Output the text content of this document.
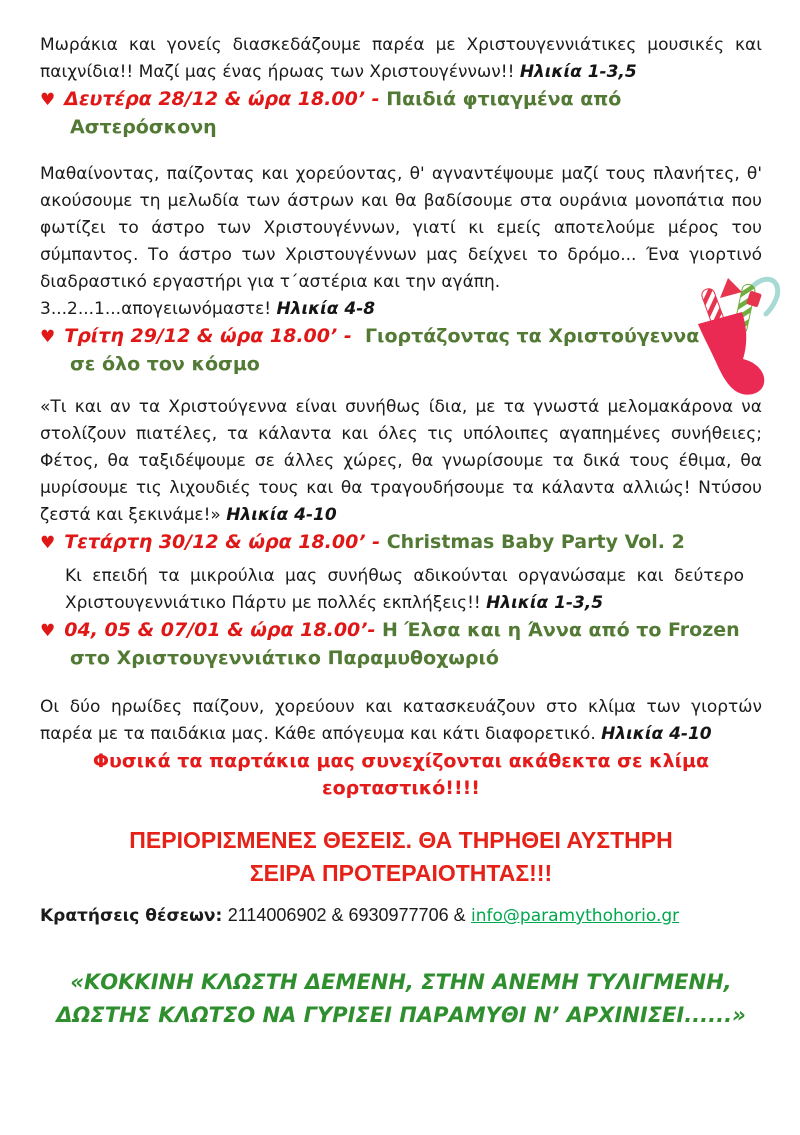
Μωράκια και γονείς διασκεδάζουμε παρέα με Χριστουγεννιάτικες μουσικές και παιχνίδια!! Μαζί μας ένας ήρωας των Χριστουγέννων!! Ηλικία 1-3,5

♥ Δευτέρα 28/12 & ώρα 18.00’ - Παιδιά φτιαγμένα από Αστερόσκονη

Μαθαίνοντας, παίζοντας και χορεύοντας, θ' αγναντέψουμε μαζί τους πλανήτες, θ' ακούσουμε τη μελωδία των άστρων και θα βαδίσουμε στα ουράνια μονοπάτια που φωτίζει το άστρο των Χριστουγέννων, γιατί κι εμείς αποτελούμε μέρος του σύμπαντος. Το άστρο των Χριστουγέννων μας δείχνει το δρόμο... Ένα γιορτινό διαδραστικό εργαστήρι για τ΄αστέρια και την αγάπη.

3...2...1...απογειωνόμαστε! Ηλικία 4-8

♥ Τρίτη 29/12 & ώρα 18.00’ - Γιορτάζοντας τα Χριστούγεννα σε όλο τον κόσμο

«Τι και αν τα Χριστούγεννα είναι συνήθως ίδια, με τα γνωστά μελομακάρονα να στολίζουν πιατέλες, τα κάλαντα και όλες τις υπόλοιπες αγαπημένες συνήθειες; Φέτος, θα ταξιδέψουμε σε άλλες χώρες, θα γνωρίσουμε τα δικά τους έθιμα, θα μυρίσουμε τις λιχουδιές τους και θα τραγουδήσουμε τα κάλαντα αλλιώς! Ντύσου ζεστά και ξεκινάμε!» Ηλικία 4-10

♥ Τετάρτη 30/12 & ώρα 18.00’ - Christmas Baby Party Vol. 2

Κι επειδή τα μικρούλια μας συνήθως αδικούνται οργανώσαμε και δεύτερο Χριστουγεννιάτικο Πάρτυ με πολλές εκπλήξεις!! Ηλικία 1-3,5

♥ 04, 05 & 07/01 & ώρα 18.00’- Η Έλσα και η Άννα από το Frozen στο Χριστουγεννιάτικο Παραμυθοχωριό

Οι δύο ηρωίδες παίζουν, χορεύουν και κατασκευάζουν στο κλίμα των γιορτών παρέα με τα παιδάκια μας. Κάθε απόγευμα και κάτι διαφορετικό. Ηλικία 4-10

Φυσικά τα παρτάκια μας συνεχίζονται ακάθεκτα σε κλίμα εορταστικό!!!!

ΠΕΡΙΟΡΙΣΜΕΝΕΣ ΘΕΣΕΙΣ. ΘΑ ΤΗΡΗΘΕΙ ΑΥΣΤΗΡΗ ΣΕΙΡΑ ΠΡΟΤΕΡΑΙΟΤΗΤΑΣ!!!

Κρατήσεις θέσεων: 2114006902 & 6930977706 & info@paramythohorio.gr

«ΚΟΚΚΙΝΗ ΚΛΩΣΤΗ ΔΕΜΕΝΗ, ΣΤΗΝ ΑΝΕΜΗ ΤΥΛΙΓΜΕΝΗ, ΔΩΣΤΗΣ ΚΛΩΤΣΟ ΝΑ ΓΥΡΙΣΕΙ ΠΑΡΑΜΥΘΙ Ν’ ΑΡΧΙΝΙΣΕΙ......»
